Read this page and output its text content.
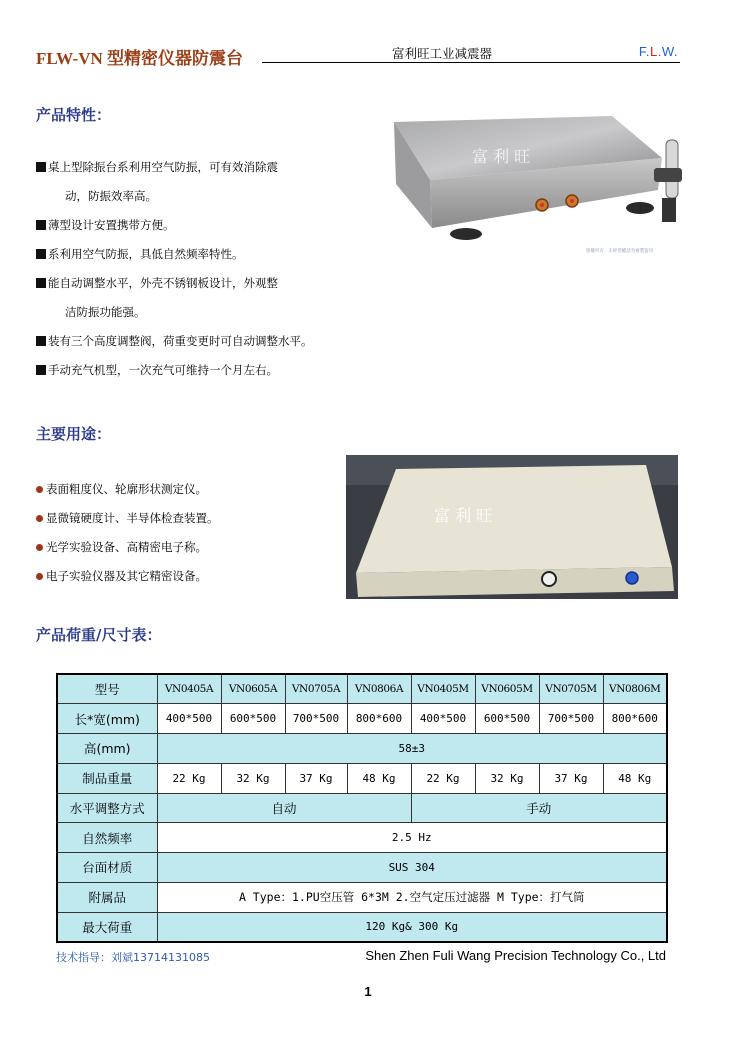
FLW-VN 型精密仪器防震台	富利旺工业减震器	F.L.W.
产品特性：
桌上型除振台系利用空气防振，可有效消除震
动，防振效率高。
薄型设计安置携带方便。
系利用空气防振，具低自然频率特性。
能自动调整水平，外壳不锈钢板设计，外观整
洁防振功能强。
装有三个高度调整阀，荷重变更时可自动调整水平。
手动充气机型，一次充气可维持一个月左右。
富 利 旺
版權所有 · 未經授權請勿複製盜用
主要用途：
表面粗度仪、轮廓形状测定仪。
显微镜硬度计、半导体检查装置。
光学实验设备、高精密电子称。
电子实验仪器及其它精密设备。
富 利 旺
产品荷重/尺寸表：
型号	VN0405A	VN0605A	VN0705A	VN0806A	VN0405M	VN0605M	VN0705M	VN0806M
长*宽(mm)	400*500	600*500	700*500	800*600	400*500	600*500	700*500	800*600
高(mm)	58±3							
制品重量	22 Kg	32 Kg	37 Kg	48 Kg	22 Kg	32 Kg	37 Kg	48 Kg
水平调整方式	自动				手动			
自然频率	2.5 Hz							
台面材质	SUS 304							
附属品	A Type：1.PU空压管 6*3M 2.空气定压过滤器 M Type：打气筒							
最大荷重	120 Kg& 300 Kg							
技术指导：刘斌13714131085	Shen Zhen Fuli Wang Precision Technology Co., Ltd
1
